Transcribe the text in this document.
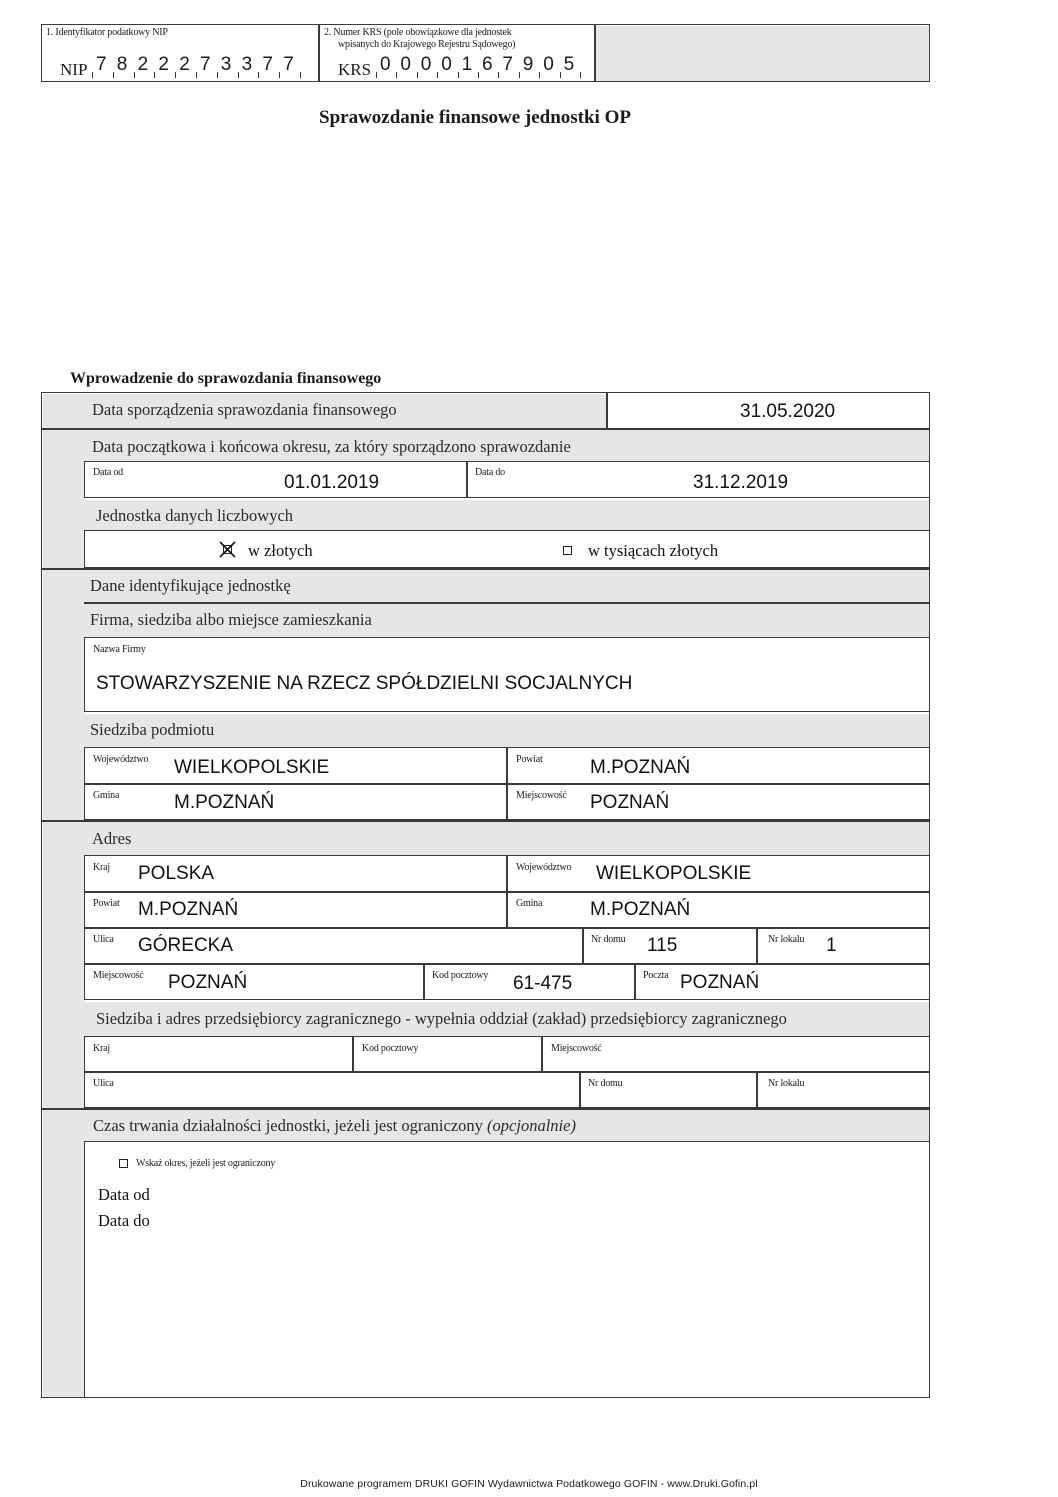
1. Identyfikator podatkowy NIP
NIP 7 8 2 2 2 7 3 3 7 7
2. Numer KRS (pole obowiązkowe dla jednostek
wpisanych do Krajowego Rejestru Sądowego)
KRS 0 0 0 0 1 6 7 9 0 5
Sprawozdanie finansowe jednostki OP
Wprowadzenie do sprawozdania finansowego
Data sporządzenia sprawozdania finansowego	31.05.2020
Data początkowa i końcowa okresu, za który sporządzono sprawozdanie
Data od	01.01.2019	Data do	31.12.2019
Jednostka danych liczbowych
w złotych	w tysiącach złotych
Dane identyfikujące jednostkę
Firma, siedziba albo miejsce zamieszkania
Nazwa Firmy
STOWARZYSZENIE NA RZECZ SPÓŁDZIELNI SOCJALNYCH
Siedziba podmiotu
Województwo WIELKOPOLSKIE	Powiat M.POZNAŃ
Gmina	M.POZNAŃ	Miejscowość POZNAŃ
Adres
Kraj POLSKA	Województwo WIELKOPOLSKIE
Powiat M.POZNAŃ	Gmina	M.POZNAŃ
Ulica GÓRECKA	Nr domu 115	Nr lokalu 1
Miejscowość POZNAŃ	Kod pocztowy 61-475	Poczta POZNAŃ
Siedziba i adres przedsiębiorcy zagranicznego - wypełnia oddział (zakład) przedsiębiorcy zagranicznego
Kraj	Kod pocztowy	Miejscowość
Ulica	Nr domu	Nr lokalu
Czas trwania działalności jednostki, jeżeli jest ograniczony (opcjonalnie)
Wskaż okres, jeżeli jest ograniczony
Data od
Data do
Drukowane programem DRUKI GOFIN Wydawnictwa Podatkowego GOFIN - www.Druki.Gofin.pl
